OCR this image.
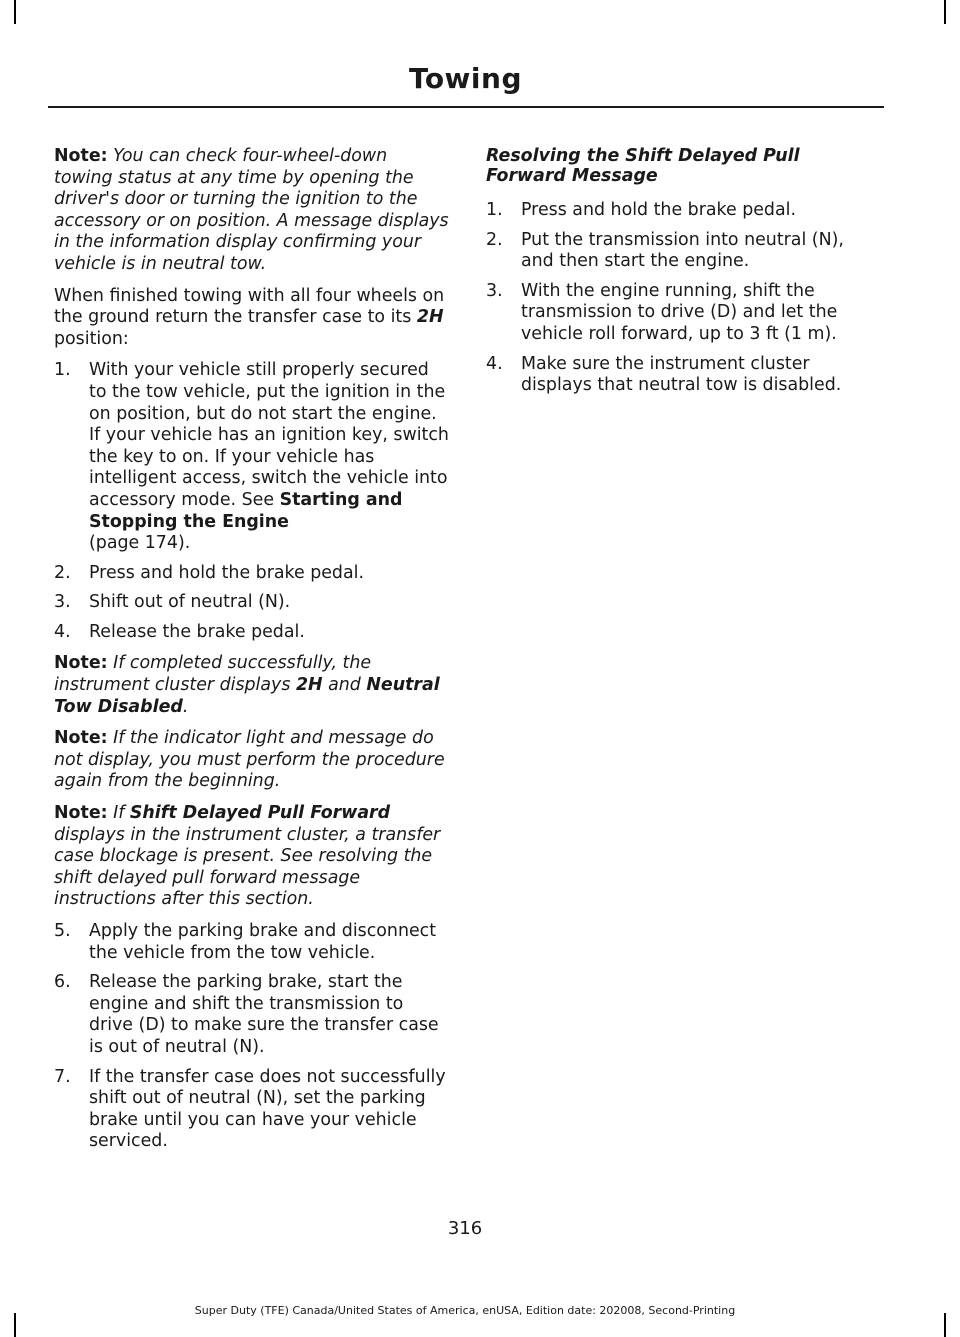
Towing

Note: You can check four-wheel-down towing status at any time by opening the driver's door or turning the ignition to the accessory or on position. A message displays in the information display confirming your vehicle is in neutral tow.

When finished towing with all four wheels on the ground return the transfer case to its 2H position:

1. With your vehicle still properly secured to the tow vehicle, put the ignition in the on position, but do not start the engine. If your vehicle has an ignition key, switch the key to on. If your vehicle has intelligent access, switch the vehicle into accessory mode. See Starting and Stopping the Engine
(page 174).
2. Press and hold the brake pedal.
3. Shift out of neutral (N).
4. Release the brake pedal.

Note: If completed successfully, the instrument cluster displays 2H and Neutral Tow Disabled.

Note: If the indicator light and message do not display, you must perform the procedure again from the beginning.

Note: If Shift Delayed Pull Forward displays in the instrument cluster, a transfer case blockage is present. See resolving the shift delayed pull forward message instructions after this section.

5. Apply the parking brake and disconnect the vehicle from the tow vehicle.
6. Release the parking brake, start the engine and shift the transmission to drive (D) to make sure the transfer case is out of neutral (N).
7. If the transfer case does not successfully shift out of neutral (N), set the parking brake until you can have your vehicle serviced.
Resolving the Shift Delayed Pull Forward Message
1. Press and hold the brake pedal.
2. Put the transmission into neutral (N), and then start the engine.
3. With the engine running, shift the transmission to drive (D) and let the vehicle roll forward, up to 3 ft (1 m).
4. Make sure the instrument cluster displays that neutral tow is disabled.
316
Super Duty (TFE) Canada/United States of America, enUSA, Edition date: 202008, Second-Printing
